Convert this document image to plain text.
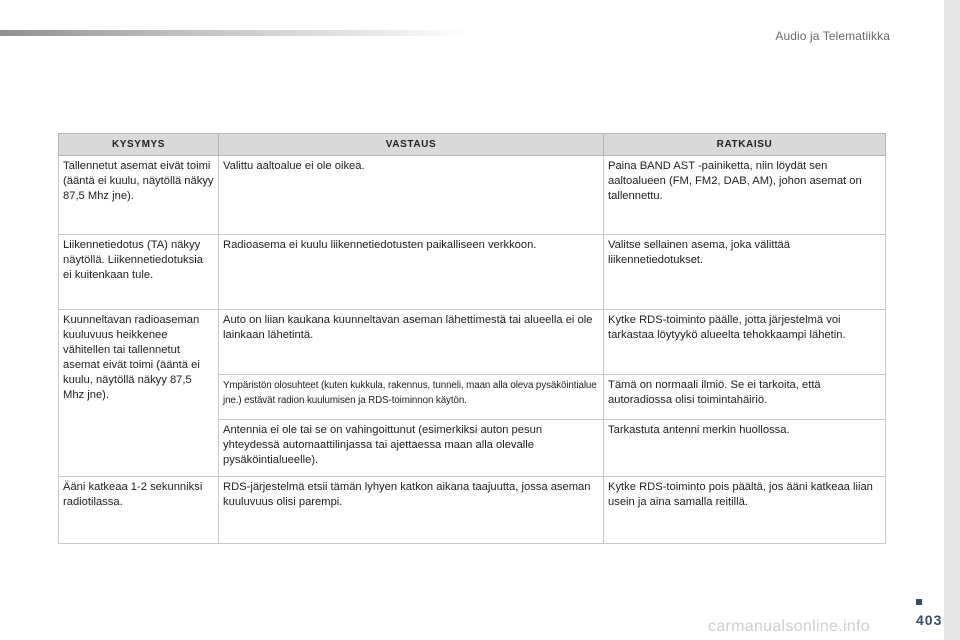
Audio ja Telematiikka
KYSYMYS	VASTAUS	RATKAISU
Tallennetut asemat eivät toimi (ääntä ei kuulu, näytöllä näkyy 87,5 Mhz jne).	Valittu aaltoalue ei ole oikea.	Paina BAND AST -painiketta, niin löydät sen aaltoalueen (FM, FM2, DAB, AM), johon asemat on tallennettu.
Liikennetiedotus (TA) näkyy näytöllä. Liikennetiedotuksia ei kuitenkaan tule.	Radioasema ei kuulu liikennetiedotusten paikalliseen verkkoon.	Valitse sellainen asema, joka välittää liikennetiedotukset.
Kuunneltavan radioaseman kuuluvuus heikkenee vähitellen tai tallennetut asemat eivät toimi (ääntä ei kuulu, näytöllä näkyy 87,5 Mhz jne).	Auto on liian kaukana kuunneltavan aseman lähettimestä tai alueella ei ole lainkaan lähetintä.	Kytke RDS-toiminto päälle, jotta järjestelmä voi tarkastaa löytyykö alueelta tehokkaampi lähetin.
	Ympäristön olosuhteet (kuten kukkula, rakennus, tunneli, maan alla oleva pysäköintialue jne.) estävät radion kuulumisen ja RDS-toiminnon käytön.	Tämä on normaali ilmiö. Se ei tarkoita, että autoradiossa olisi toimintahäiriö.
	Antennia ei ole tai se on vahingoittunut (esimerkiksi auton pesun yhteydessä automaattilinjassa tai ajettaessa maan alla olevalle pysäköintialueelle).	Tarkastuta antenni merkin huollossa.
Ääni katkeaa 1-2 sekunniksi radiotilassa.	RDS-järjestelmä etsii tämän lyhyen katkon aikana taajuutta, jossa aseman kuuluvuus olisi parempi.	Kytke RDS-toiminto pois päältä, jos ääni katkeaa liian usein ja aina samalla reitillä.
403
carmanualsonline.info
